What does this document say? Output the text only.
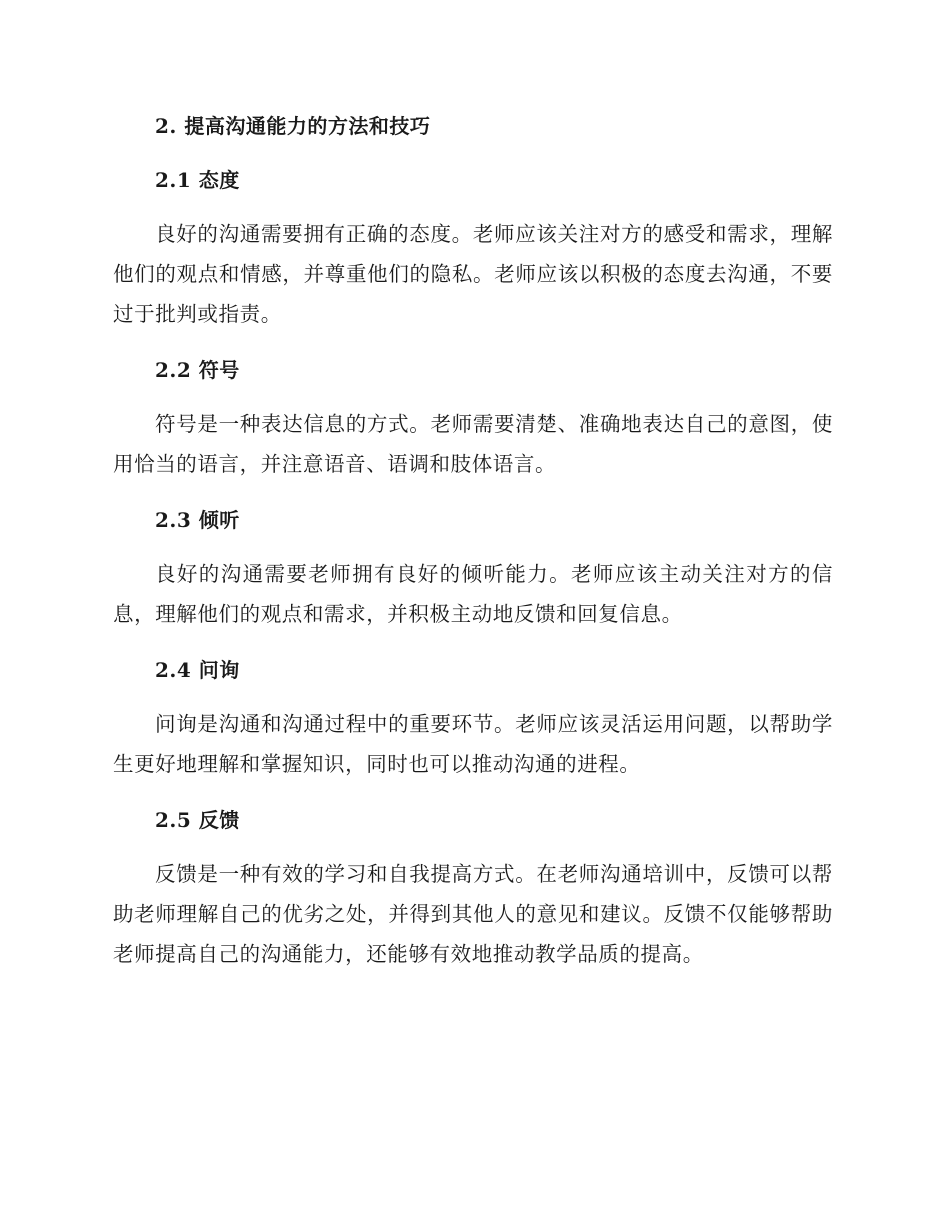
2. 提高沟通能力的方法和技巧
2.1 态度

良好的沟通需要拥有正确的态度。老师应该关注对方的感受和需求，理解他们的观点和情感，并尊重他们的隐私。老师应该以积极的态度去沟通，不要过于批判或指责。

2.2 符号

符号是一种表达信息的方式。老师需要清楚、准确地表达自己的意图，使用恰当的语言，并注意语音、语调和肢体语言。

2.3 倾听

良好的沟通需要老师拥有良好的倾听能力。老师应该主动关注对方的信息，理解他们的观点和需求，并积极主动地反馈和回复信息。

2.4 问询

问询是沟通和沟通过程中的重要环节。老师应该灵活运用问题，以帮助学生更好地理解和掌握知识，同时也可以推动沟通的进程。

2.5 反馈

反馈是一种有效的学习和自我提高方式。在老师沟通培训中，反馈可以帮助老师理解自己的优劣之处，并得到其他人的意见和建议。反馈不仅能够帮助老师提高自己的沟通能力，还能够有效地推动教学品质的提高。
